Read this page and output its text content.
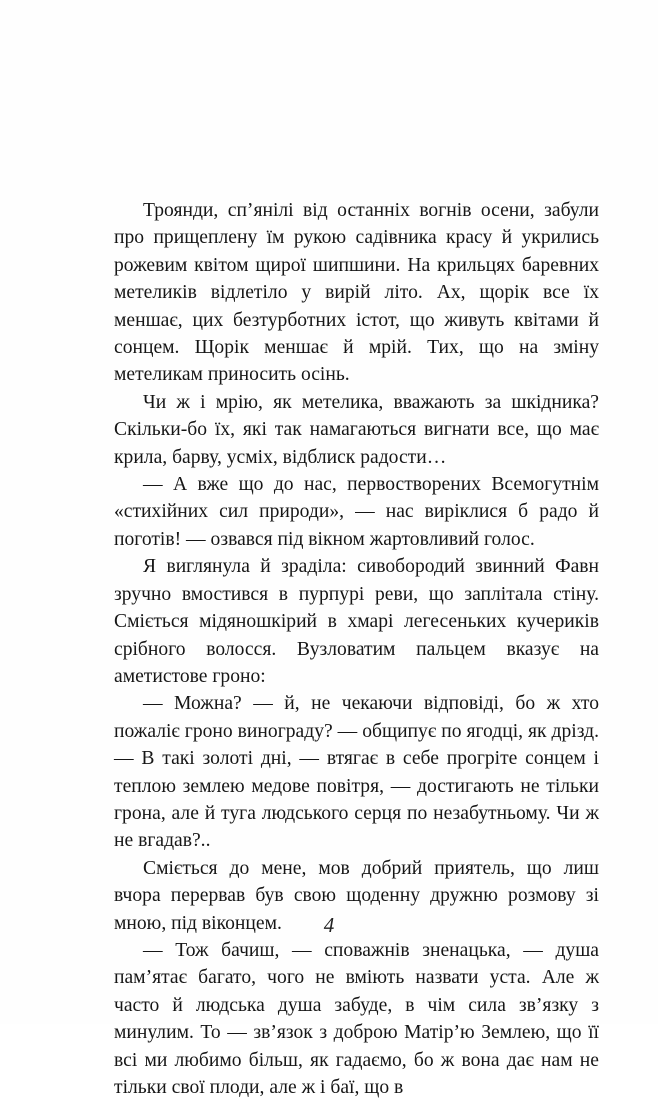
Троянди, сп’янілі від останніх вогнів осени, забули про прищеплену їм рукою садівника красу й укрились рожевим квітом щирої шипшини. На крильцях баревних метеликів відлетіло у вирій літо. Ах, щорік все їх меншає, цих безтурботних істот, що живуть квітами й сонцем. Щорік меншає й мрій. Тих, що на зміну метеликам приносить осінь.

Чи ж і мрію, як метелика, вважають за шкідника? Скільки-бо їх, які так намагаються вигнати все, що має крила, барву, усміх, відблиск радости…

— А вже що до нас, первостворених Всемогутнім «стихійних сил природи», — нас виріклися б радо й поготів! — озвався під вікном жартовливий голос.

Я виглянула й зраділа: сивобородий звинний Фавн зручно вмостився в пурпурі реви, що заплітала стіну. Сміється мідяношкірий в хмарі легесеньких кучериків срібного волосся. Вузловатим пальцем вказує на аметистове гроно:

— Можна? — й, не чекаючи відповіді, бо ж хто пожаліє гроно винограду? — общипує по ягодці, як дрізд. — В такі золоті дні, — втягає в себе прогріте сонцем і теплою землею медове повітря, — достигають не тільки грона, але й туга людського серця по незабутньому. Чи ж не вгадав?..

Сміється до мене, мов добрий приятель, що лиш вчора перервав був свою щоденну дружню розмову зі мною, під віконцем.

— Тож бачиш, — споважнів зненацька, — душа пам’ятає багато, чого не вміють назвати уста. Але ж часто й людська душа забуде, в чім сила зв’язку з минулим. То — зв’язок з доброю Матір’ю Землею, що її всі ми любимо більш, як гадаємо, бо ж вона дає нам не тільки свої плоди, але ж і баї, що в

4
